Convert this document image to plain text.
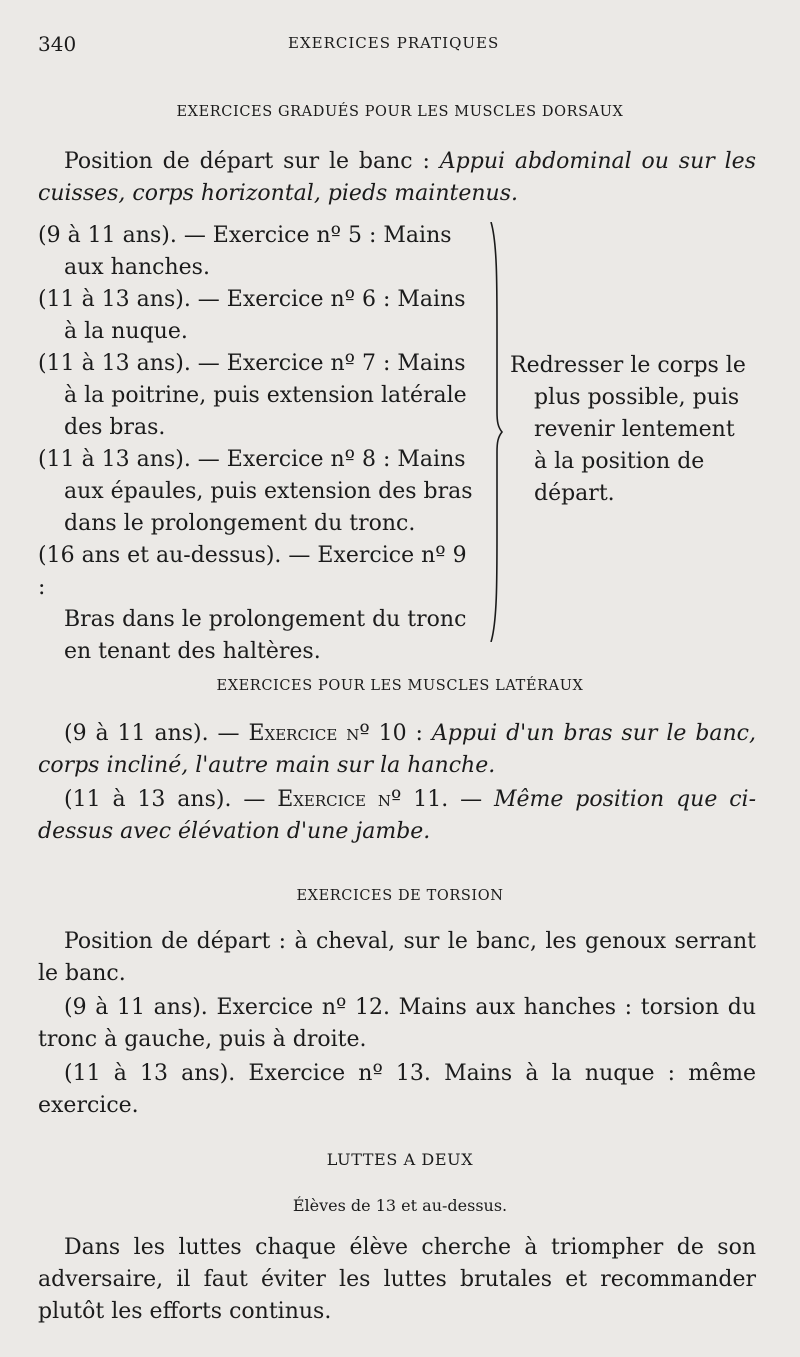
340	EXERCICES PRATIQUES
EXERCICES GRADUÉS POUR LES MUSCLES DORSAUX
Position de départ sur le banc : Appui abdominal ou sur les cuisses, corps horizontal, pieds maintenus.
(9 à 11 ans). — Exercice nº 5 : Mains
aux hanches.
(11 à 13 ans). — Exercice nº 6 : Mains
à la nuque.
(11 à 13 ans). — Exercice nº 7 : Mains
à la poitrine, puis extension latérale
des bras.
(11 à 13 ans). — Exercice nº 8 : Mains
aux épaules, puis extension des bras
dans le prolongement du tronc.
(16 ans et au-dessus). — Exercice nº 9 :
Bras dans le prolongement du tronc
en tenant des haltères.
Redresser le corps le
plus possible, puis
revenir lentement
à la position de
départ.
EXERCICES POUR LES MUSCLES LATÉRAUX
(9 à 11 ans). — Exercice nº 10 : Appui d'un bras sur le banc, corps incliné, l'autre main sur la hanche.
(11 à 13 ans). — Exercice nº 11. — Même position que ci-dessus avec élévation d'une jambe.
EXERCICES DE TORSION
Position de départ : à cheval, sur le banc, les genoux serrant le banc.
(9 à 11 ans). Exercice nº 12. Mains aux hanches : torsion du tronc à gauche, puis à droite.
(11 à 13 ans). Exercice nº 13. Mains à la nuque : même exercice.
LUTTES A DEUX
Élèves de 13 et au-dessus.
Dans les luttes chaque élève cherche à triompher de son adversaire, il faut éviter les luttes brutales et recommander plutôt les efforts continus.
